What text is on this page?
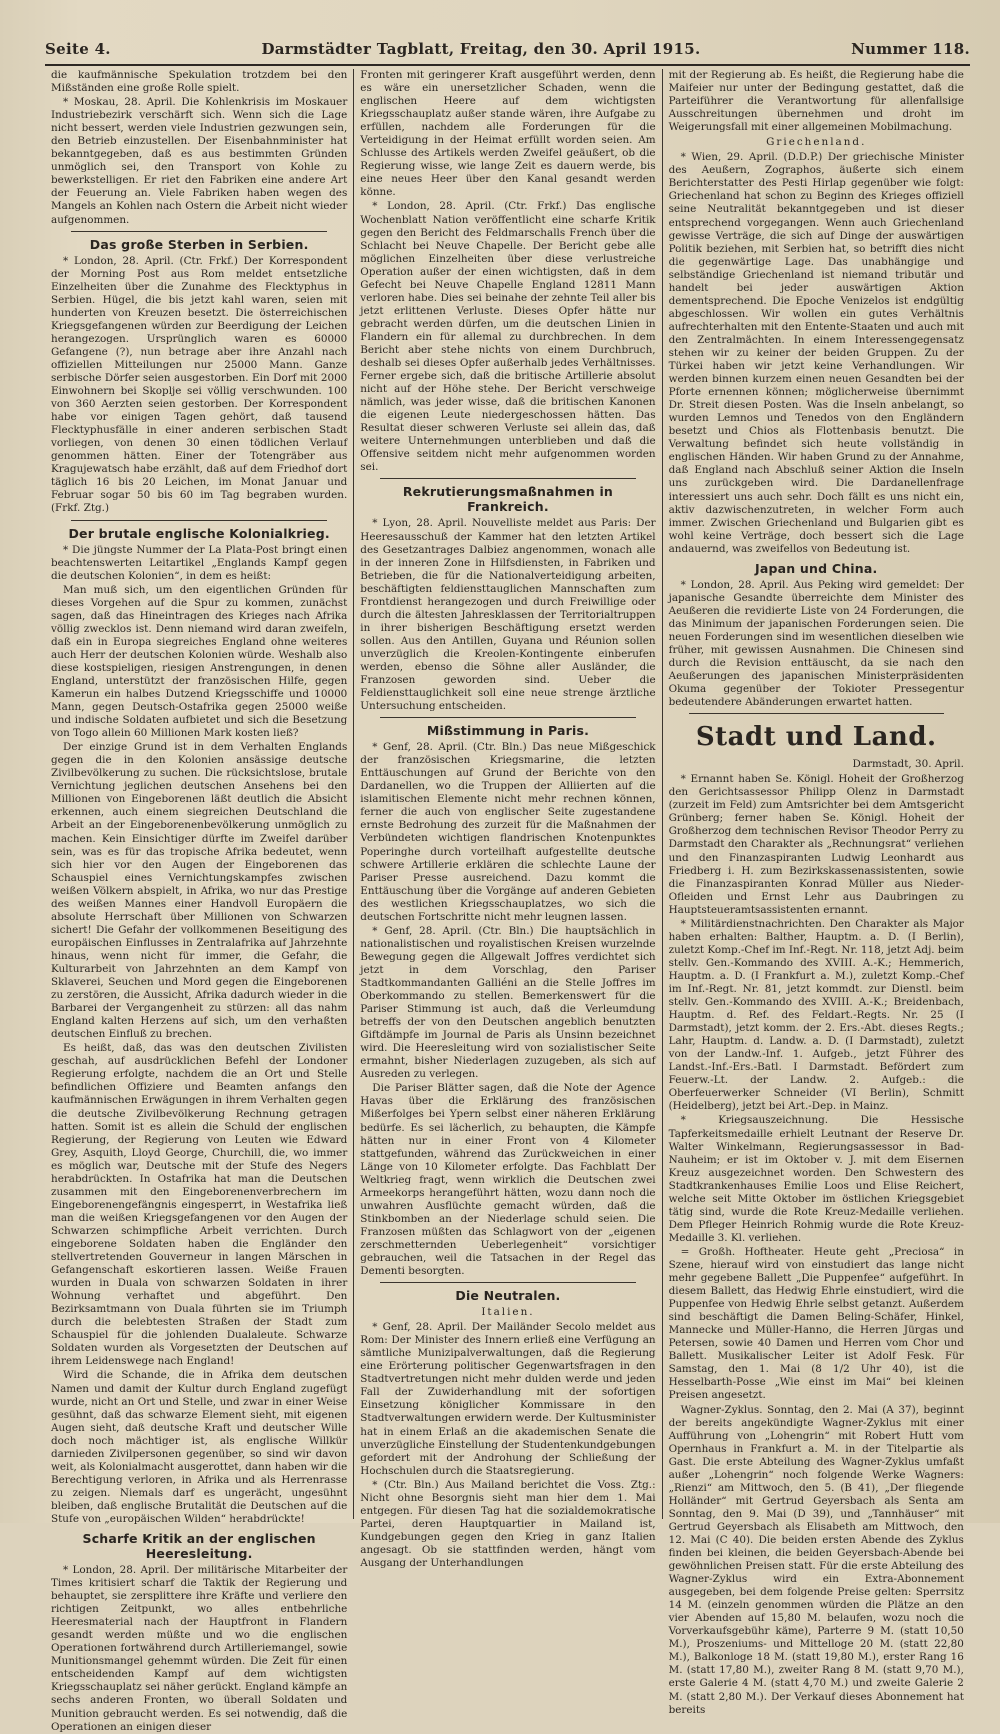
Seite 4.	Darmstädter Tagblatt, Freitag, den 30. April 1915.	Nummer 118.

die kaufmännische Spekulation trotzdem bei den Mißständen eine große Rolle spielt.

* Moskau, 28. April. Die Kohlenkrisis im Moskauer Industriebezirk verschärft sich. Wenn sich die Lage nicht bessert, werden viele Industrien gezwungen sein, den Betrieb einzustellen. Der Eisenbahnminister hat bekanntgegeben, daß es aus bestimmten Gründen unmöglich sei, den Transport von Kohle zu bewerkstelligen. Er riet den Fabriken eine andere Art der Feuerung an. Viele Fabriken haben wegen des Mangels an Kohlen nach Ostern die Arbeit nicht wieder aufgenommen.

Das große Sterben in Serbien.

* London, 28. April. (Ctr. Frkf.) Der Korrespondent der Morning Post aus Rom meldet entsetzliche Einzelheiten über die Zunahme des Flecktyphus in Serbien. Hügel, die bis jetzt kahl waren, seien mit hunderten von Kreuzen besetzt. Die österreichischen Kriegsgefangenen würden zur Beerdigung der Leichen herangezogen. Ursprünglich waren es 60000 Gefangene (?), nun betrage aber ihre Anzahl nach offiziellen Mitteilungen nur 25000 Mann. Ganze serbische Dörfer seien ausgestorben. Ein Dorf mit 2000 Einwohnern bei Skoplje sei völlig verschwunden. 100 von 360 Aerzten seien gestorben. Der Korrespondent habe vor einigen Tagen gehört, daß tausend Flecktyphusfälle in einer anderen serbischen Stadt vorliegen, von denen 30 einen tödlichen Verlauf genommen hätten. Einer der Totengräber aus Kragujewatsch habe erzählt, daß auf dem Friedhof dort täglich 16 bis 20 Leichen, im Monat Januar und Februar sogar 50 bis 60 im Tag begraben wurden. (Frkf. Ztg.)

Der brutale englische Kolonialkrieg.

* Die jüngste Nummer der La Plata-Post bringt einen beachtenswerten Leitartikel „Englands Kampf gegen die deutschen Kolonien“, in dem es heißt:

Man muß sich, um den eigentlichen Gründen für dieses Vorgehen auf die Spur zu kommen, zunächst sagen, daß das Hineintragen des Krieges nach Afrika völlig zwecklos ist. Denn niemand wird daran zweifeln, daß ein in Europa siegreiches England ohne weiteres auch Herr der deutschen Kolonien würde. Weshalb also diese kostspieligen, riesigen Anstrengungen, in denen England, unterstützt der französischen Hilfe, gegen Kamerun ein halbes Dutzend Kriegsschiffe und 10000 Mann, gegen Deutsch-Ostafrika gegen 25000 weiße und indische Soldaten aufbietet und sich die Besetzung von Togo allein 60 Millionen Mark kosten ließ?

Der einzige Grund ist in dem Verhalten Englands gegen die in den Kolonien ansässige deutsche Zivilbevölkerung zu suchen. Die rücksichtslose, brutale Vernichtung jeglichen deutschen Ansehens bei den Millionen von Eingeborenen läßt deutlich die Absicht erkennen, auch einem siegreichen Deutschland die Arbeit an der Eingeborenenbevölkerung unmöglich zu machen. Kein Einsichtiger dürfte im Zweifel darüber sein, was es für das tropische Afrika bedeutet, wenn sich hier vor den Augen der Eingeborenen das Schauspiel eines Vernichtungskampfes zwischen weißen Völkern abspielt, in Afrika, wo nur das Prestige des weißen Mannes einer Handvoll Europäern die absolute Herrschaft über Millionen von Schwarzen sichert! Die Gefahr der vollkommenen Beseitigung des europäischen Einflusses in Zentralafrika auf Jahrzehnte hinaus, wenn nicht für immer, die Gefahr, die Kulturarbeit von Jahrzehnten an dem Kampf von Sklaverei, Seuchen und Mord gegen die Eingeborenen zu zerstören, die Aussicht, Afrika dadurch wieder in die Barbarei der Vergangenheit zu stürzen: all das nahm England kalten Herzens auf sich, um den verhaßten deutschen Einfluß zu brechen.

Es heißt, daß, das was den deutschen Zivilisten geschah, auf ausdrücklichen Befehl der Londoner Regierung erfolgte, nachdem die an Ort und Stelle befindlichen Offiziere und Beamten anfangs den kaufmännischen Erwägungen in ihrem Verhalten gegen die deutsche Zivilbevölkerung Rechnung getragen hatten. Somit ist es allein die Schuld der englischen Regierung, der Regierung von Leuten wie Edward Grey, Asquith, Lloyd George, Churchill, die, wo immer es möglich war, Deutsche mit der Stufe des Negers herabdrückten. In Ostafrika hat man die Deutschen zusammen mit den Eingeborenenverbrechern im Eingeborenengefängnis eingesperrt, in Westafrika ließ man die weißen Kriegsgefangenen vor den Augen der Schwarzen schimpfliche Arbeit verrichten. Durch eingeborene Soldaten haben die Engländer den stellvertretenden Gouverneur in langen Märschen in Gefangenschaft eskortieren lassen. Weiße Frauen wurden in Duala von schwarzen Soldaten in ihrer Wohnung verhaftet und abgeführt. Den Bezirksamtmann von Duala führten sie im Triumph durch die belebtesten Straßen der Stadt zum Schauspiel für die johlenden Dualaleute. Schwarze Soldaten wurden als Vorgesetzten der Deutschen auf ihrem Leidenswege nach England!

Wird die Schande, die in Afrika dem deutschen Namen und damit der Kultur durch England zugefügt wurde, nicht an Ort und Stelle, und zwar in einer Weise gesühnt, daß das schwarze Element sieht, mit eigenen Augen sieht, daß deutsche Kraft und deutscher Wille doch noch mächtiger ist, als englische Willkür darnieden Zivilpersonen gegenüber, so sind wir davon weit, als Kolonialmacht ausgerottet, dann haben wir die Berechtigung verloren, in Afrika und als Herrenrasse zu zeigen. Niemals darf es ungerächt, ungesühnt bleiben, daß englische Brutalität die Deutschen auf die Stufe von „europäischen Wilden“ herabdrückte!

Scharfe Kritik an der englischen Heeresleitung.

* London, 28. April. Der militärische Mitarbeiter der Times kritisiert scharf die Taktik der Regierung und behauptet, sie zersplittere ihre Kräfte und verliere den richtigen Zeitpunkt, wo alles entbehrliche Heeresmaterial nach der Hauptfront in Flandern gesandt werden müßte und wo die englischen Operationen fortwährend durch Artilleriemangel, sowie Munitionsmangel gehemmt würden. Die Zeit für einen entscheidenden Kampf auf dem wichtigsten Kriegsschauplatz sei näher gerückt. England kämpfe an sechs anderen Fronten, wo überall Soldaten und Munition gebraucht werden. Es sei notwendig, daß die Operationen an einigen dieser

Fronten mit geringerer Kraft ausgeführt werden, denn es wäre ein unersetzlicher Schaden, wenn die englischen Heere auf dem wichtigsten Kriegsschauplatz außer stande wären, ihre Aufgabe zu erfüllen, nachdem alle Forderungen für die Verteidigung in der Heimat erfüllt worden seien. Am Schlusse des Artikels werden Zweifel geäußert, ob die Regierung wisse, wie lange Zeit es dauern werde, bis eine neues Heer über den Kanal gesandt werden könne.

* London, 28. April. (Ctr. Frkf.) Das englische Wochenblatt Nation veröffentlicht eine scharfe Kritik gegen den Bericht des Feldmarschalls French über die Schlacht bei Neuve Chapelle. Der Bericht gebe alle möglichen Einzelheiten über diese verlustreiche Operation außer der einen wichtigsten, daß in dem Gefecht bei Neuve Chapelle England 12811 Mann verloren habe. Dies sei beinahe der zehnte Teil aller bis jetzt erlittenen Verluste. Dieses Opfer hätte nur gebracht werden dürfen, um die deutschen Linien in Flandern ein für allemal zu durchbrechen. In dem Bericht aber stehe nichts von einem Durchbruch, deshalb sei dieses Opfer außerhalb jedes Verhältnisses. Ferner ergebe sich, daß die britische Artillerie absolut nicht auf der Höhe stehe. Der Bericht verschweige nämlich, was jeder wisse, daß die britischen Kanonen die eigenen Leute niedergeschossen hätten. Das Resultat dieser schweren Verluste sei allein das, daß weitere Unternehmungen unterblieben und daß die Offensive seitdem nicht mehr aufgenommen worden sei.

Rekrutierungsmaßnahmen in Frankreich.

* Lyon, 28. April. Nouvelliste meldet aus Paris: Der Heeresausschuß der Kammer hat den letzten Artikel des Gesetzantrages Dalbiez angenommen, wonach alle in der inneren Zone in Hilfsdiensten, in Fabriken und Betrieben, die für die Nationalverteidigung arbeiten, beschäftigten feldiensttauglichen Mannschaften zum Frontdienst herangezogen und durch Freiwillige oder durch die ältesten Jahresklassen der Territorialtruppen in ihrer bisherigen Beschäftigung ersetzt werden sollen. Aus den Antillen, Guyana und Réunion sollen unverzüglich die Kreolen-Kontingente einberufen werden, ebenso die Söhne aller Ausländer, die Franzosen geworden sind. Ueber die Feldiensttauglichkeit soll eine neue strenge ärztliche Untersuchung entscheiden.

Mißstimmung in Paris.

* Genf, 28. April. (Ctr. Bln.) Das neue Mißgeschick der französischen Kriegsmarine, die letzten Enttäuschungen auf Grund der Berichte von den Dardanellen, wo die Truppen der Alliierten auf die islamitischen Elemente nicht mehr rechnen können, ferner die auch von englischer Seite zugestandene ernste Bedrohung des zurzeit für die Maßnahmen der Verbündeten wichtigen flandrischen Knotenpunktes Poperinghe durch vorteilhaft aufgestellte deutsche schwere Artillerie erklären die schlechte Laune der Pariser Presse ausreichend. Dazu kommt die Enttäuschung über die Vorgänge auf anderen Gebieten des westlichen Kriegsschauplatzes, wo sich die deutschen Fortschritte nicht mehr leugnen lassen.

* Genf, 28. April. (Ctr. Bln.) Die hauptsächlich in nationalistischen und royalistischen Kreisen wurzelnde Bewegung gegen die Allgewalt Joffres verdichtet sich jetzt in dem Vorschlag, den Pariser Stadtkommandanten Galliéni an die Stelle Joffres im Oberkommando zu stellen. Bemerkenswert für die Pariser Stimmung ist auch, daß die Verleumdung betreffs der von den Deutschen angeblich benutzten Giftdämpfe im Journal de Paris als Unsinn bezeichnet wird. Die Heeresleitung wird von sozialistischer Seite ermahnt, bisher Niederlagen zuzugeben, als sich auf Ausreden zu verlegen.

Die Pariser Blätter sagen, daß die Note der Agence Havas über die Erklärung des französischen Mißerfolges bei Ypern selbst einer näheren Erklärung bedürfe. Es sei lächerlich, zu behaupten, die Kämpfe hätten nur in einer Front von 4 Kilometer stattgefunden, während das Zurückweichen in einer Länge von 10 Kilometer erfolgte. Das Fachblatt Der Weltkrieg fragt, wenn wirklich die Deutschen zwei Armeekorps herangeführt hätten, wozu dann noch die unwahren Ausflüchte gemacht würden, daß die Stinkbomben an der Niederlage schuld seien. Die Franzosen müßten das Schlagwort von der „eigenen zerschmetternden Ueberlegenheit“ vorsichtiger gebrauchen, weil die Tatsachen in der Regel das Dementi besorgten.

Die Neutralen.
Italien.

* Genf, 28. April. Der Mailänder Secolo meldet aus Rom: Der Minister des Innern erließ eine Verfügung an sämtliche Munizipalverwaltungen, daß die Regierung eine Erörterung politischer Gegenwartsfragen in den Stadtvertretungen nicht mehr dulden werde und jeden Fall der Zuwiderhandlung mit der sofortigen Einsetzung königlicher Kommissare in den Stadtverwaltungen erwidern werde. Der Kultusminister hat in einem Erlaß an die akademischen Senate die unverzügliche Einstellung der Studentenkundgebungen gefordert mit der Androhung der Schließung der Hochschulen durch die Staatsregierung.

* (Ctr. Bln.) Aus Mailand berichtet die Voss. Ztg.: Nicht ohne Besorgnis sieht man hier dem 1. Mai entgegen. Für diesen Tag hat die sozialdemokratische Partei, deren Hauptquartier in Mailand ist, Kundgebungen gegen den Krieg in ganz Italien angesagt. Ob sie stattfinden werden, hängt vom Ausgang der Unterhandlungen

mit der Regierung ab. Es heißt, die Regierung habe die Maifeier nur unter der Bedingung gestattet, daß die Parteiführer die Verantwortung für allenfallsige Ausschreitungen übernehmen und droht im Weigerungsfall mit einer allgemeinen Mobilmachung.

Griechenland.

* Wien, 29. April. (D.D.P.) Der griechische Minister des Aeußern, Zographos, äußerte sich einem Berichterstatter des Pesti Hirlap gegenüber wie folgt: Griechenland hat schon zu Beginn des Krieges offiziell seine Neutralität bekanntgegeben und ist dieser entsprechend vorgegangen. Wenn auch Griechenland gewisse Verträge, die sich auf Dinge der auswärtigen Politik beziehen, mit Serbien hat, so betrifft dies nicht die gegenwärtige Lage. Das unabhängige und selbständige Griechenland ist niemand tributär und handelt bei jeder auswärtigen Aktion dementsprechend. Die Epoche Venizelos ist endgültig abgeschlossen. Wir wollen ein gutes Verhältnis aufrechterhalten mit den Entente-Staaten und auch mit den Zentralmächten. In einem Interessengegensatz stehen wir zu keiner der beiden Gruppen. Zu der Türkei haben wir jetzt keine Verhandlungen. Wir werden binnen kurzem einen neuen Gesandten bei der Pforte ernennen können; möglicherweise übernimmt Dr. Streit diesen Posten. Was die Inseln anbelangt, so wurden Lemnos und Tenedos von den Engländern besetzt und Chios als Flottenbasis benutzt. Die Verwaltung befindet sich heute vollständig in englischen Händen. Wir haben Grund zu der Annahme, daß England nach Abschluß seiner Aktion die Inseln uns zurückgeben wird. Die Dardanellenfrage interessiert uns auch sehr. Doch fällt es uns nicht ein, aktiv dazwischenzutreten, in welcher Form auch immer. Zwischen Griechenland und Bulgarien gibt es wohl keine Verträge, doch bessert sich die Lage andauernd, was zweifellos von Bedeutung ist.

Japan und China.

* London, 28. April. Aus Peking wird gemeldet: Der japanische Gesandte überreichte dem Minister des Aeußeren die revidierte Liste von 24 Forderungen, die das Minimum der japanischen Forderungen seien. Die neuen Forderungen sind im wesentlichen dieselben wie früher, mit gewissen Ausnahmen. Die Chinesen sind durch die Revision enttäuscht, da sie nach den Aeußerungen des japanischen Ministerpräsidenten Okuma gegenüber der Tokioter Pressegentur bedeutendere Abänderungen erwartet hatten.

Stadt und Land.

Darmstadt, 30. April.

* Ernannt haben Se. Königl. Hoheit der Großherzog den Gerichtsassessor Philipp Olenz in Darmstadt (zurzeit im Feld) zum Amtsrichter bei dem Amtsgericht Grünberg; ferner haben Se. Königl. Hoheit der Großherzog dem technischen Revisor Theodor Perry zu Darmstadt den Charakter als „Rechnungsrat“ verliehen und den Finanzaspiranten Ludwig Leonhardt aus Friedberg i. H. zum Bezirkskassenassistenten, sowie die Finanzaspiranten Konrad Müller aus Nieder-Ofleiden und Ernst Lehr aus Daubringen zu Hauptsteueramtsassistenten ernannt.

* Militärdienstnachrichten. Den Charakter als Major haben erhalten: Balther, Hauptm. a. D. (I Berlin), zuletzt Komp.-Chef im Inf.-Regt. Nr. 118, jetzt Adj. beim stellv. Gen.-Kommando des XVIII. A.-K.; Hemmerich, Hauptm. a. D. (I Frankfurt a. M.), zuletzt Komp.-Chef im Inf.-Regt. Nr. 81, jetzt kommdt. zur Dienstl. beim stellv. Gen.-Kommando des XVIII. A.-K.; Breidenbach, Hauptm. d. Ref. des Feldart.-Regts. Nr. 25 (I Darmstadt), jetzt komm. der 2. Ers.-Abt. dieses Regts.; Lahr, Hauptm. d. Landw. a. D. (I Darmstadt), zuletzt von der Landw.-Inf. 1. Aufgeb., jetzt Führer des Landst.-Inf.-Ers.-Batl. I Darmstadt. Befördert zum Feuerw.-Lt. der Landw. 2. Aufgeb.: die Oberfeuerwerker Schneider (VI Berlin), Schmitt (Heidelberg), jetzt bei Art.-Dep. in Mainz.

* Kriegsauszeichnung. Die Hessische Tapferkeitsmedaille erhielt Leutnant der Reserve Dr. Walter Winkelmann, Regierungsassessor in Bad-Nauheim; er ist im Oktober v. J. mit dem Eisernen Kreuz ausgezeichnet worden. Den Schwestern des Stadtkrankenhauses Emilie Loos und Elise Reichert, welche seit Mitte Oktober im östlichen Kriegsgebiet tätig sind, wurde die Rote Kreuz-Medaille verliehen. Dem Pfleger Heinrich Rohmig wurde die Rote Kreuz-Medaille 3. Kl. verliehen.

= Großh. Hoftheater. Heute geht „Preciosa“ in Szene, hierauf wird von einstudiert das lange nicht mehr gegebene Ballett „Die Puppenfee“ aufgeführt. In diesem Ballett, das Hedwig Ehrle einstudiert, wird die Puppenfee von Hedwig Ehrle selbst getanzt. Außerdem sind beschäftigt die Damen Beling-Schäfer, Hinkel, Mannecke und Müller-Hanno, die Herren Jürgas und Petersen, sowie 40 Damen und Herren vom Chor und Ballett. Musikalischer Leiter ist Adolf Fesk. Für Samstag, den 1. Mai (8 1/2 Uhr 40), ist die Hesselbarth-Posse „Wie einst im Mai“ bei kleinen Preisen angesetzt.

Wagner-Zyklus. Sonntag, den 2. Mai (A 37), beginnt der bereits angekündigte Wagner-Zyklus mit einer Aufführung von „Lohengrin“ mit Robert Hutt vom Opernhaus in Frankfurt a. M. in der Titelpartie als Gast. Die erste Abteilung des Wagner-Zyklus umfaßt außer „Lohengrin“ noch folgende Werke Wagners: „Rienzi“ am Mittwoch, den 5. (B 41), „Der fliegende Holländer“ mit Gertrud Geyersbach als Senta am Sonntag, den 9. Mai (D 39), und „Tannhäuser“ mit Gertrud Geyersbach als Elisabeth am Mittwoch, den 12. Mai (C 40). Die beiden ersten Abende des Zyklus finden bei kleinen, die beiden Geyersbach-Abende bei gewöhnlichen Preisen statt. Für die erste Abteilung des Wagner-Zyklus wird ein Extra-Abonnement ausgegeben, bei dem folgende Preise gelten: Sperrsitz 14 M. (einzeln genommen würden die Plätze an den vier Abenden auf 15,80 M. belaufen, wozu noch die Vorverkaufsgebühr käme), Parterre 9 M. (statt 10,50 M.), Proszeniums- und Mittelloge 20 M. (statt 22,80 M.), Balkonloge 18 M. (statt 19,80 M.), erster Rang 16 M. (statt 17,80 M.), zweiter Rang 8 M. (statt 9,70 M.), erste Galerie 4 M. (statt 4,70 M.) und zweite Galerie 2 M. (statt 2,80 M.). Der Verkauf dieses Abonnement hat bereits
